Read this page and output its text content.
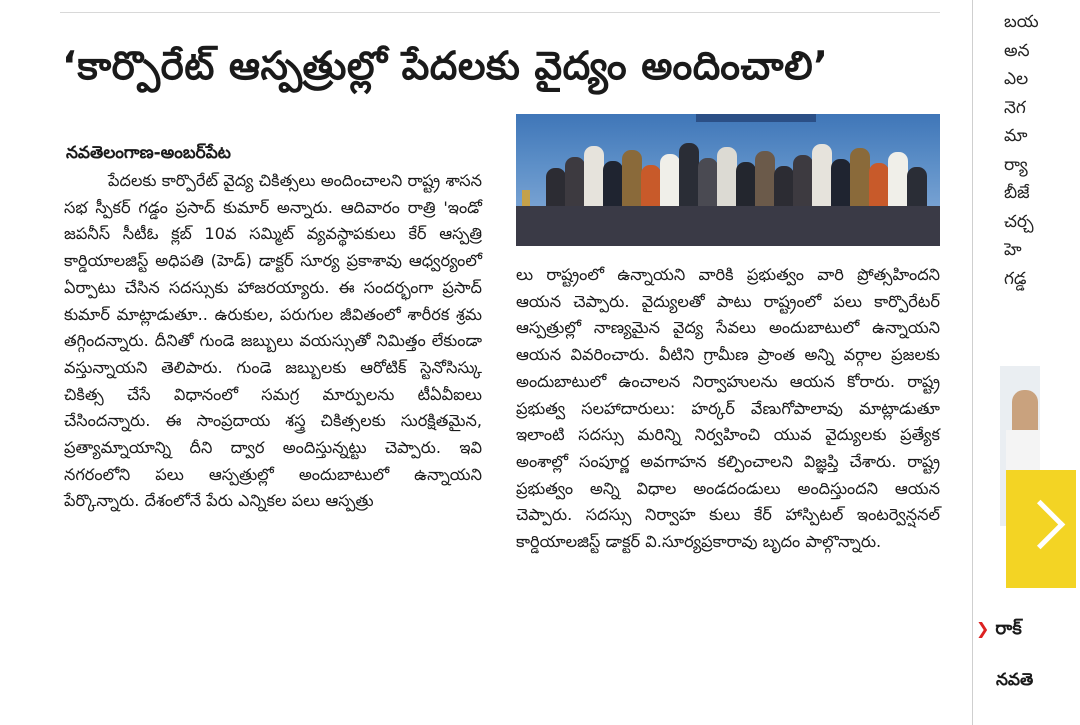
‘కార్పొరేట్‌ ఆస్పత్రుల్లో పేదలకు వైద్యం అందించాలి’
నవతెలంగాణ-అంబర్‌పేట

పేదలకు కార్పొరేట్‌ వైద్య చికిత్సలు అందించాలని రాష్ట్ర శాసన సభ స్పీకర్‌ గడ్డం ప్రసాద్‌ కుమార్‌ అన్నారు. ఆదివారం రాత్రి 'ఇండో జపనీస్‌ సీటీఓ క్లబ్‌ 10వ సమ్మిట్‌ వ్యవస్థాపకులు కేర్‌ ఆస్పత్రి కార్డియాలజిస్ట్‌ అధిపతి (హెడ్‌) డాక్టర్‌ సూర్య ప్రకాశావు ఆధ్వర్యంలో ఏర్పాటు చేసిన సదస్సుకు హాజరయ్యారు. ఈ సందర్భంగా ప్రసాద్‌ కుమార్‌ మాట్లాడుతూ.. ఉరుకుల, పరుగుల జీవితంలో శారీరక శ్రమ తగ్గిందన్నారు. దీనితో గుండె జబ్బులు వయస్సుతో నిమిత్తం లేకుండా వస్తున్నాయని తెలిపారు. గుండె జబ్బులకు ఆరోటిక్‌ స్టెనోసిస్కు చికిత్స చేసే విధానంలో సమగ్ర మార్పులను టీఏవీఐలు చేసిందన్నారు. ఈ సాంప్రదాయ శస్త్ర చికిత్సలకు సురక్షితమైన, ప్రత్యామ్నాయాన్ని దీని ద్వార అందిస్తున్నట్టు చెప్పారు. ఇవి నగరంలోని పలు ఆస్పత్రుల్లో అందుబాటులో ఉన్నాయని పేర్కొన్నారు. దేశంలోనే పేరు ఎన్నికల పలు ఆస్పత్రు

లు రాష్ట్రంలో ఉన్నాయని వారికి ప్రభుత్వం వారి ప్రోత్సహిందని ఆయన చెప్పారు. వైద్యులతో పాటు రాష్ట్రంలో పలు కార్పొరేటర్‌ ఆస్పత్రుల్లో నాణ్యమైన వైద్య సేవలు అందుబాటులో ఉన్నాయని ఆయన వివరించారు. వీటిని గ్రామీణ ప్రాంత అన్ని వర్గాల ప్రజలకు అందుబాటులో ఉంచాలన నిర్వాహులను ఆయన కోరారు. రాష్ట్ర ప్రభుత్వ సలహాదారులు: హర్కర్‌ వేణుగోపాలావు మాట్లాడుతూ ఇలాంటి సదస్సు మరిన్ని నిర్వహించి యువ వైద్యులకు ప్రత్యేక అంశాల్లో సంపూర్ణ అవగాహన కల్పించాలని విజ్ఞప్తి చేశారు. రాష్ట్ర ప్రభుత్వం అన్ని విధాల అండదండులు అందిస్తుందని ఆయన చెప్పారు. సదస్సు నిర్వాహ కులు కేర్‌ హాస్పిటల్‌ ఇంటర్వెన్షనల్‌ కార్డియాలజిస్ట్‌ డాక్టర్‌ వి.సూర్యప్రకారావు బృదం పాల్గొన్నారు.

బయ
అన
ఎల
నెగ
మా
ర్యా
బీజే
చర్చ
హె
గడ్డ
❯ రాక్
నవతె
